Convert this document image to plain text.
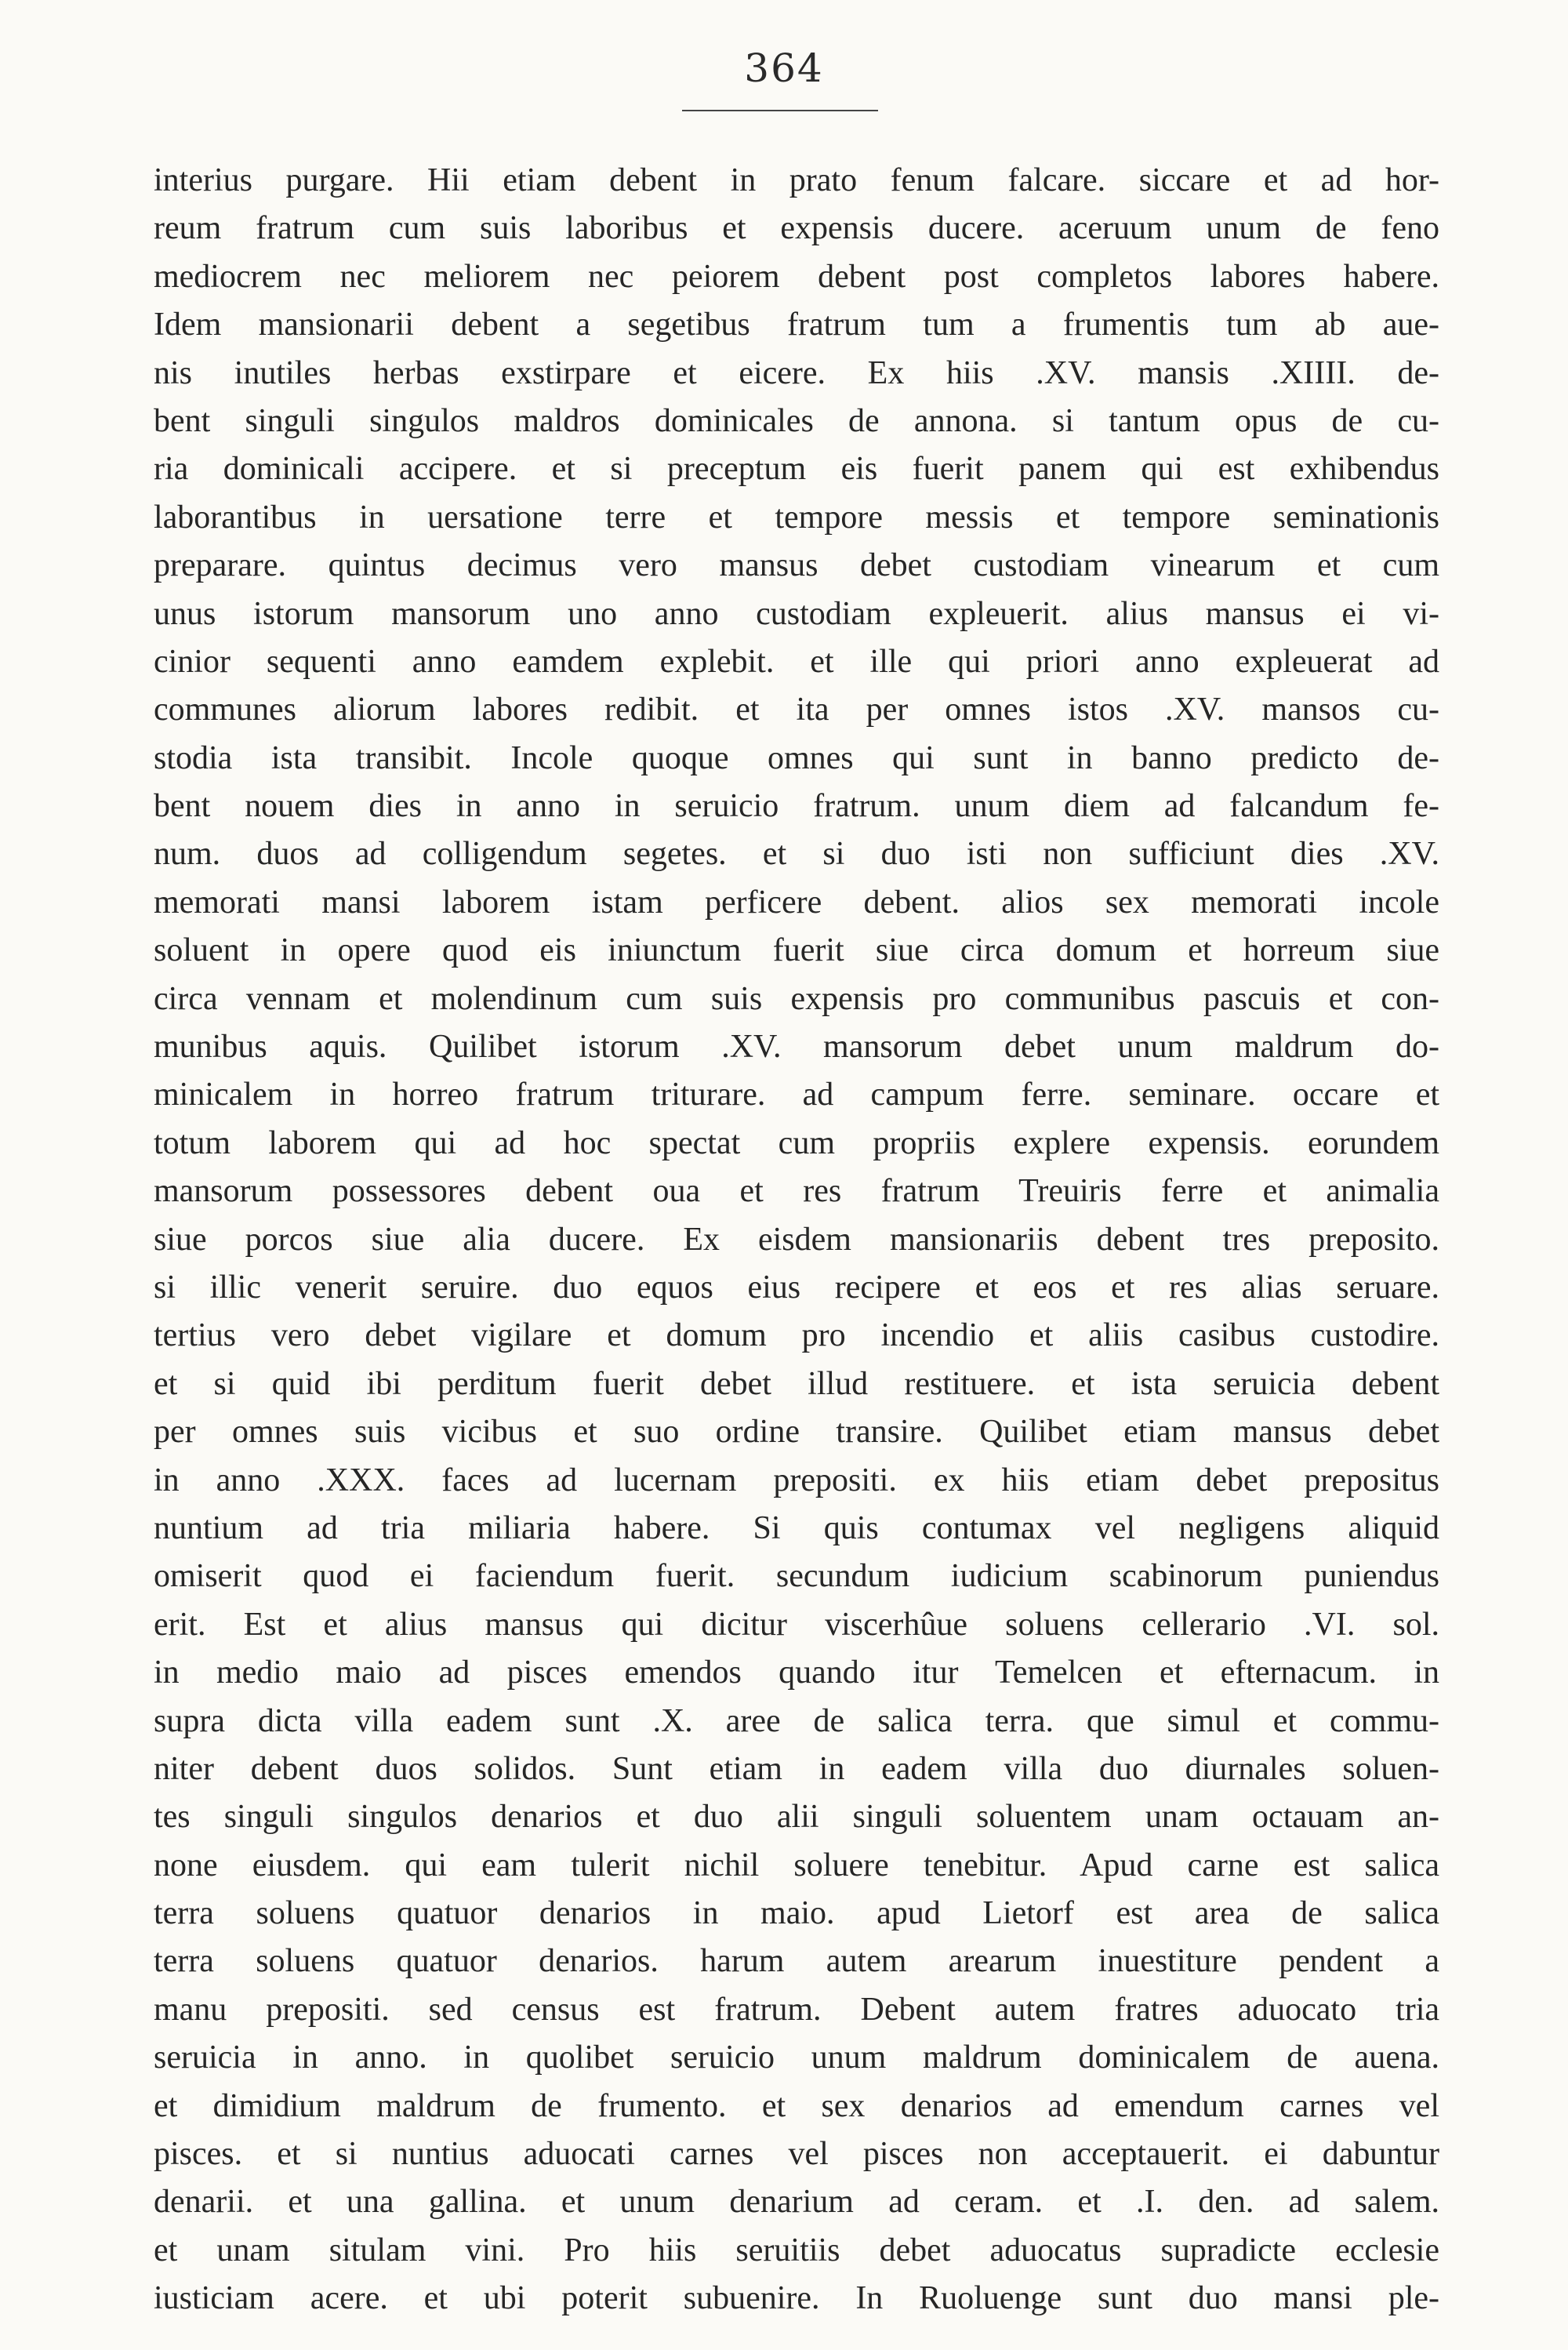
364
interius purgare. Hii etiam debent in prato fenum falcare. siccare et ad hor-
reum fratrum cum suis laboribus et expensis ducere. aceruum unum de feno
mediocrem nec meliorem nec peiorem debent post completos labores habere.
Idem mansionarii debent a segetibus fratrum tum a frumentis tum ab aue-
nis inutiles herbas exstirpare et eicere. Ex hiis .XV. mansis .XIIII. de-
bent singuli singulos maldros dominicales de annona. si tantum opus de cu-
ria dominicali accipere. et si preceptum eis fuerit panem qui est exhibendus
laborantibus in uersatione terre et tempore messis et tempore seminationis
preparare. quintus decimus vero mansus debet custodiam vinearum et cum
unus istorum mansorum uno anno custodiam expleuerit. alius mansus ei vi-
cinior sequenti anno eamdem explebit. et ille qui priori anno expleuerat ad
communes aliorum labores redibit. et ita per omnes istos .XV. mansos cu-
stodia ista transibit. Incole quoque omnes qui sunt in banno predicto de-
bent nouem dies in anno in seruicio fratrum. unum diem ad falcandum fe-
num. duos ad colligendum segetes. et si duo isti non sufficiunt dies .XV.
memorati mansi laborem istam perficere debent. alios sex memorati incole
soluent in opere quod eis iniunctum fuerit siue circa domum et horreum siue
circa vennam et molendinum cum suis expensis pro communibus pascuis et con-
munibus aquis. Quilibet istorum .XV. mansorum debet unum maldrum do-
minicalem in horreo fratrum triturare. ad campum ferre. seminare. occare et
totum laborem qui ad hoc spectat cum propriis explere expensis. eorundem
mansorum possessores debent oua et res fratrum Treuiris ferre et animalia
siue porcos siue alia ducere. Ex eisdem mansionariis debent tres preposito.
si illic venerit seruire. duo equos eius recipere et eos et res alias seruare.
tertius vero debet vigilare et domum pro incendio et aliis casibus custodire.
et si quid ibi perditum fuerit debet illud restituere. et ista seruicia debent
per omnes suis vicibus et suo ordine transire. Quilibet etiam mansus debet
in anno .XXX. faces ad lucernam prepositi. ex hiis etiam debet prepositus
nuntium ad tria miliaria habere. Si quis contumax vel negligens aliquid
omiserit quod ei faciendum fuerit. secundum iudicium scabinorum puniendus
erit. Est et alius mansus qui dicitur viscerhûue soluens cellerario .VI. sol.
in medio maio ad pisces emendos quando itur Temelcen et efternacum. in
supra dicta villa eadem sunt .X. aree de salica terra. que simul et commu-
niter debent duos solidos. Sunt etiam in eadem villa duo diurnales soluen-
tes singuli singulos denarios et duo alii singuli soluentem unam octauam an-
none eiusdem. qui eam tulerit nichil soluere tenebitur. Apud carne est salica
terra soluens quatuor denarios in maio. apud Lietorf est area de salica
terra soluens quatuor denarios. harum autem arearum inuestiture pendent a
manu prepositi. sed census est fratrum. Debent autem fratres aduocato tria
seruicia in anno. in quolibet seruicio unum maldrum dominicalem de auena.
et dimidium maldrum de frumento. et sex denarios ad emendum carnes vel
pisces. et si nuntius aduocati carnes vel pisces non acceptauerit. ei dabuntur
denarii. et una gallina. et unum denarium ad ceram. et .I. den. ad salem.
et unam situlam vini. Pro hiis seruitiis debet aduocatus supradicte ecclesie
iusticiam acere. et ubi poterit subuenire. In Ruoluenge sunt duo mansi ple-
